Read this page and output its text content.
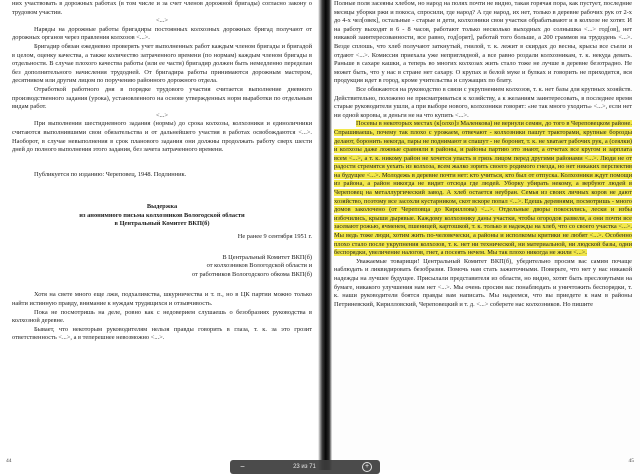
них участвовать в дорожных работах (в том числе и за счет членов дорожной бригады) согласно закону о трудовом участии.

<...>

Наряды на дорожные работы бригадиры постоянных колхозных дорожных бригад получают от дорожных органов через правления колхозов <...>.

Бригадир обязан ежедневно проверять учет выполненных работ каждым членом бригады и бригадой в целом, оценку качества, а также количество затраченного времени (по нормам) каждым членом бригады в отдельности. В случае плохого качества работы (или ее части) бригадир должен быть немедленно переделан без дополнительного начисления трудодней. От бригадира работы принимаются дорожным мастером, десятником или другим лицом по поручению районного дорожного отдела.

Отработкой работного дня в порядке трудового участия считается выполнение дневного производственного задания (урока), установленного на основе утвержденных норм выработки по отдельным видам работ.

<...>

При выполнении шестидневного задания (нормы) до срока колхозы, колхозники и единоличники считаются выполнившими свои обязательства и от дальнейшего участия в работах освобождаются <...>. Наоборот, в случае невыполнения в срок планового задания они должны продолжать работу сверх шести дней до полного выполнения этого задания, без зачета затраченного времени.

Публикуется по изданию: Череповец, 1948. Подлинник.

Выдержка

из анонимного письма колхозников Вологодской области

в Центральный Комитет ВКП(б)

Не ранее 9 сентября 1951 г.

В Центральный Комитет ВКП(б)

от колхозников Вологодской области и

от работников Вологодского обкома ВКП(б)

Хотя на свете много еще лжи, подхалимства, шкурничества и т. п., но в ЦК партии можно только найти истинную правду, внимание к нуждам трудящихся и отзывчивость.

Пока не посмотришь на деле, ровно как с недоверием слушаешь о безобразиях руководства в колхозной деревне.

Бывает, что некоторым руководителям нельзя правды говорить в глаза, т. к. за это грозит ответственность <...>, а в теперешнее невозможно <...>.

Полные поля засеяны хлебом, но народ на полях почти не видно, такая горячая пора, как пустует, последние месяцы уборки ржи и покоса, спросили, где народ? А где народ, их нет, только в деревне рабочих рук от 2-х до 4-х чел[овек], остальные - старые и дети, колхозники свои участки обрабатывают и в колхозе не хотят. И на работу выходят в 6 - 8 часов, работают только несколько выходных до солнышка <...> год[ов], нет никакой заинтересованности, все равно, год[орят], работай того больше, а 200 граммов на трудодень <...>. Везде сплошь, что хлеб получают заткнутый, гнилой, т. к. лежит в скирдах до весны, крысы все съели и отдают <...>. Комиссия приехала уже неприглядной, а все равно роздали колхозникам, т. к. некуда девать. Раньше в сахаре кашки, а теперь во многих колхозах жить стало тоже не лучше в деревне безотрадно. Не может быть, что у нас в стране нет сахару. О крупах и белой муке и булках и говорить не приходится, вся продукция идет в город, кроме учительства и служащих по блату.

Все обижаются на руководство в связи с укрупнением колхозов, т. к. нет базы для крупных хозяйств. Действительно, положено не присматриваться к хозяйству, а к желаниям заинтересовать, в последнее время старые руководители ушли, а при выборе нового, колхозники говорят: «не так много уходить» <...>, если нет ни одной коровы, и деньги не на что купить <...>.

Посевы в некоторых местах (к[олхо]з Маленкова) не вернули семян, до того в Череповецком районе. Спрашиваешь, почему так плохо с урожаем, отвечают - колхозники пашут тракторами, крупные борозды делают, боронить некогда, пары не поднимают и спашут - не боронят, т. к. не хватает рабочих рук, а (сеялки) и колхозы даже ложные сравняли в районы, и районы партию это знают, а отчетах все кругом и зарплата всем <...>, а т. к. никому район не хочется упасть в грязь лицом перед другими районами <...>. Люди не от радости стремятся уехать из колхоза, всем жалко зорить своего родимого гнезда, но нет никаких перспектив на будущее <...>. Молодежь в деревне почти нет: кто учиться, кто был от отпуска. Колхозники ждут помощи из района, а район никогда не видит отсюда где людей. Уборку убирать некому, а вербуют людей в Череповец на металлургический завод. А хлеб остается неубран. Семья из своих личных коров не дают хозяйство, поэтому все засохли кустарником, скот вскоре попал <...>. Едешь деревнями, посмотришь - много домов заколочено (от Череповца до Кириллова) <...>. Отдельные дворы покосились, лески и избы избочились, крыши дырявые. Каждому колхознику даны участки, чтобы огородов развели, а они почти все засевают рожью, ячменем, пшеницей, картошкой, т. к. только и надежды на хлеб, что со своего участка <...>. Мы ведь тоже люди, хотим жить по-человечески, а районы и исполкомы критики не любят <...>. Особенно плохо стало после укрупнения колхозов, т. к. нет ни технической, ни материальной, ни людской базы, одни беспорядки, увеличение налогов, гнет, а посеять нечем. Мы так плохо никогда не жили <...>.

Уважаемые товарищи! Центральный Комитет ВКП(б), убедительно просим вас самим почаще наблюдать и ликвидировать безобразия. Помочь нам стать зажиточными. Поверьте, что нет у нас никакой надежды на лучшее будущее. Присылали представителя из области, но видно, хотят быть пресловутыми на бумаге, никакого улучшения нам нет <...>. Мы очень просим вас понаблюдать и уничтожить беспорядки, т. к. наши руководители боятся правды вам написать. Мы надеемся, что вы приедете к нам в районы Петриневский, Кирилловский, Череповецкий и т. д. <...> соберете нас колхозников. Но пишите

44	45
−	23 из 71	+
